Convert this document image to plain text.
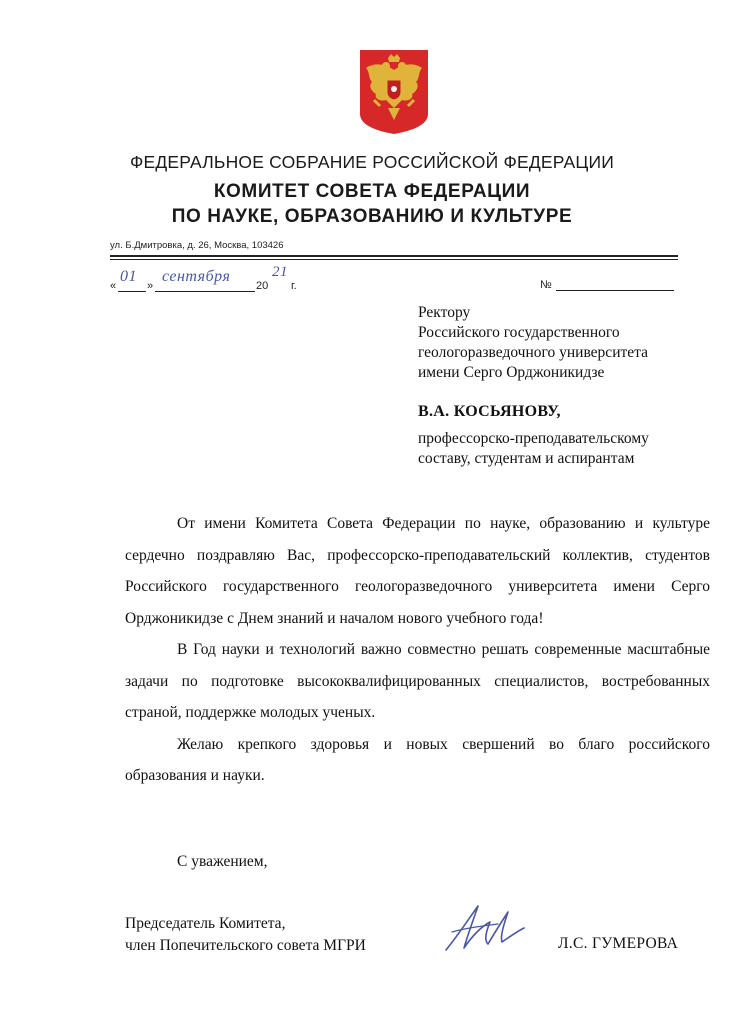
ФЕДЕРАЛЬНОЕ СОБРАНИЕ РОССИЙСКОЙ ФЕДЕРАЦИИ
КОМИТЕТ СОВЕТА ФЕДЕРАЦИИ
ПО НАУКЕ, ОБРАЗОВАНИЮ И КУЛЬТУРЕ
ул. Б.Дмитровка, д. 26, Москва, 103426
«	»	20 г.
01 сентября	21
№
Ректору
Российского государственного
геологоразведочного университета
имени Серго Орджоникидзе
В.А. КОСЬЯНОВУ,
профессорско-преподавательскому
составу, студентам и аспирантам

От имени Комитета Совета Федерации по науке, образованию и культуре сердечно поздравляю Вас, профессорско-преподавательский коллектив, студентов Российского государственного геологоразведочного университета имени Серго Орджоникидзе с Днем знаний и началом нового учебного года!

В Год науки и технологий важно совместно решать современные масштабные задачи по подготовке высококвалифицированных специалистов, востребованных страной, поддержке молодых ученых.

Желаю крепкого здоровья и новых свершений во благо российского образования и науки.

С уважением,
Председатель Комитета,
член Попечительского совета МГРИ	Л.С. ГУМЕРОВА
